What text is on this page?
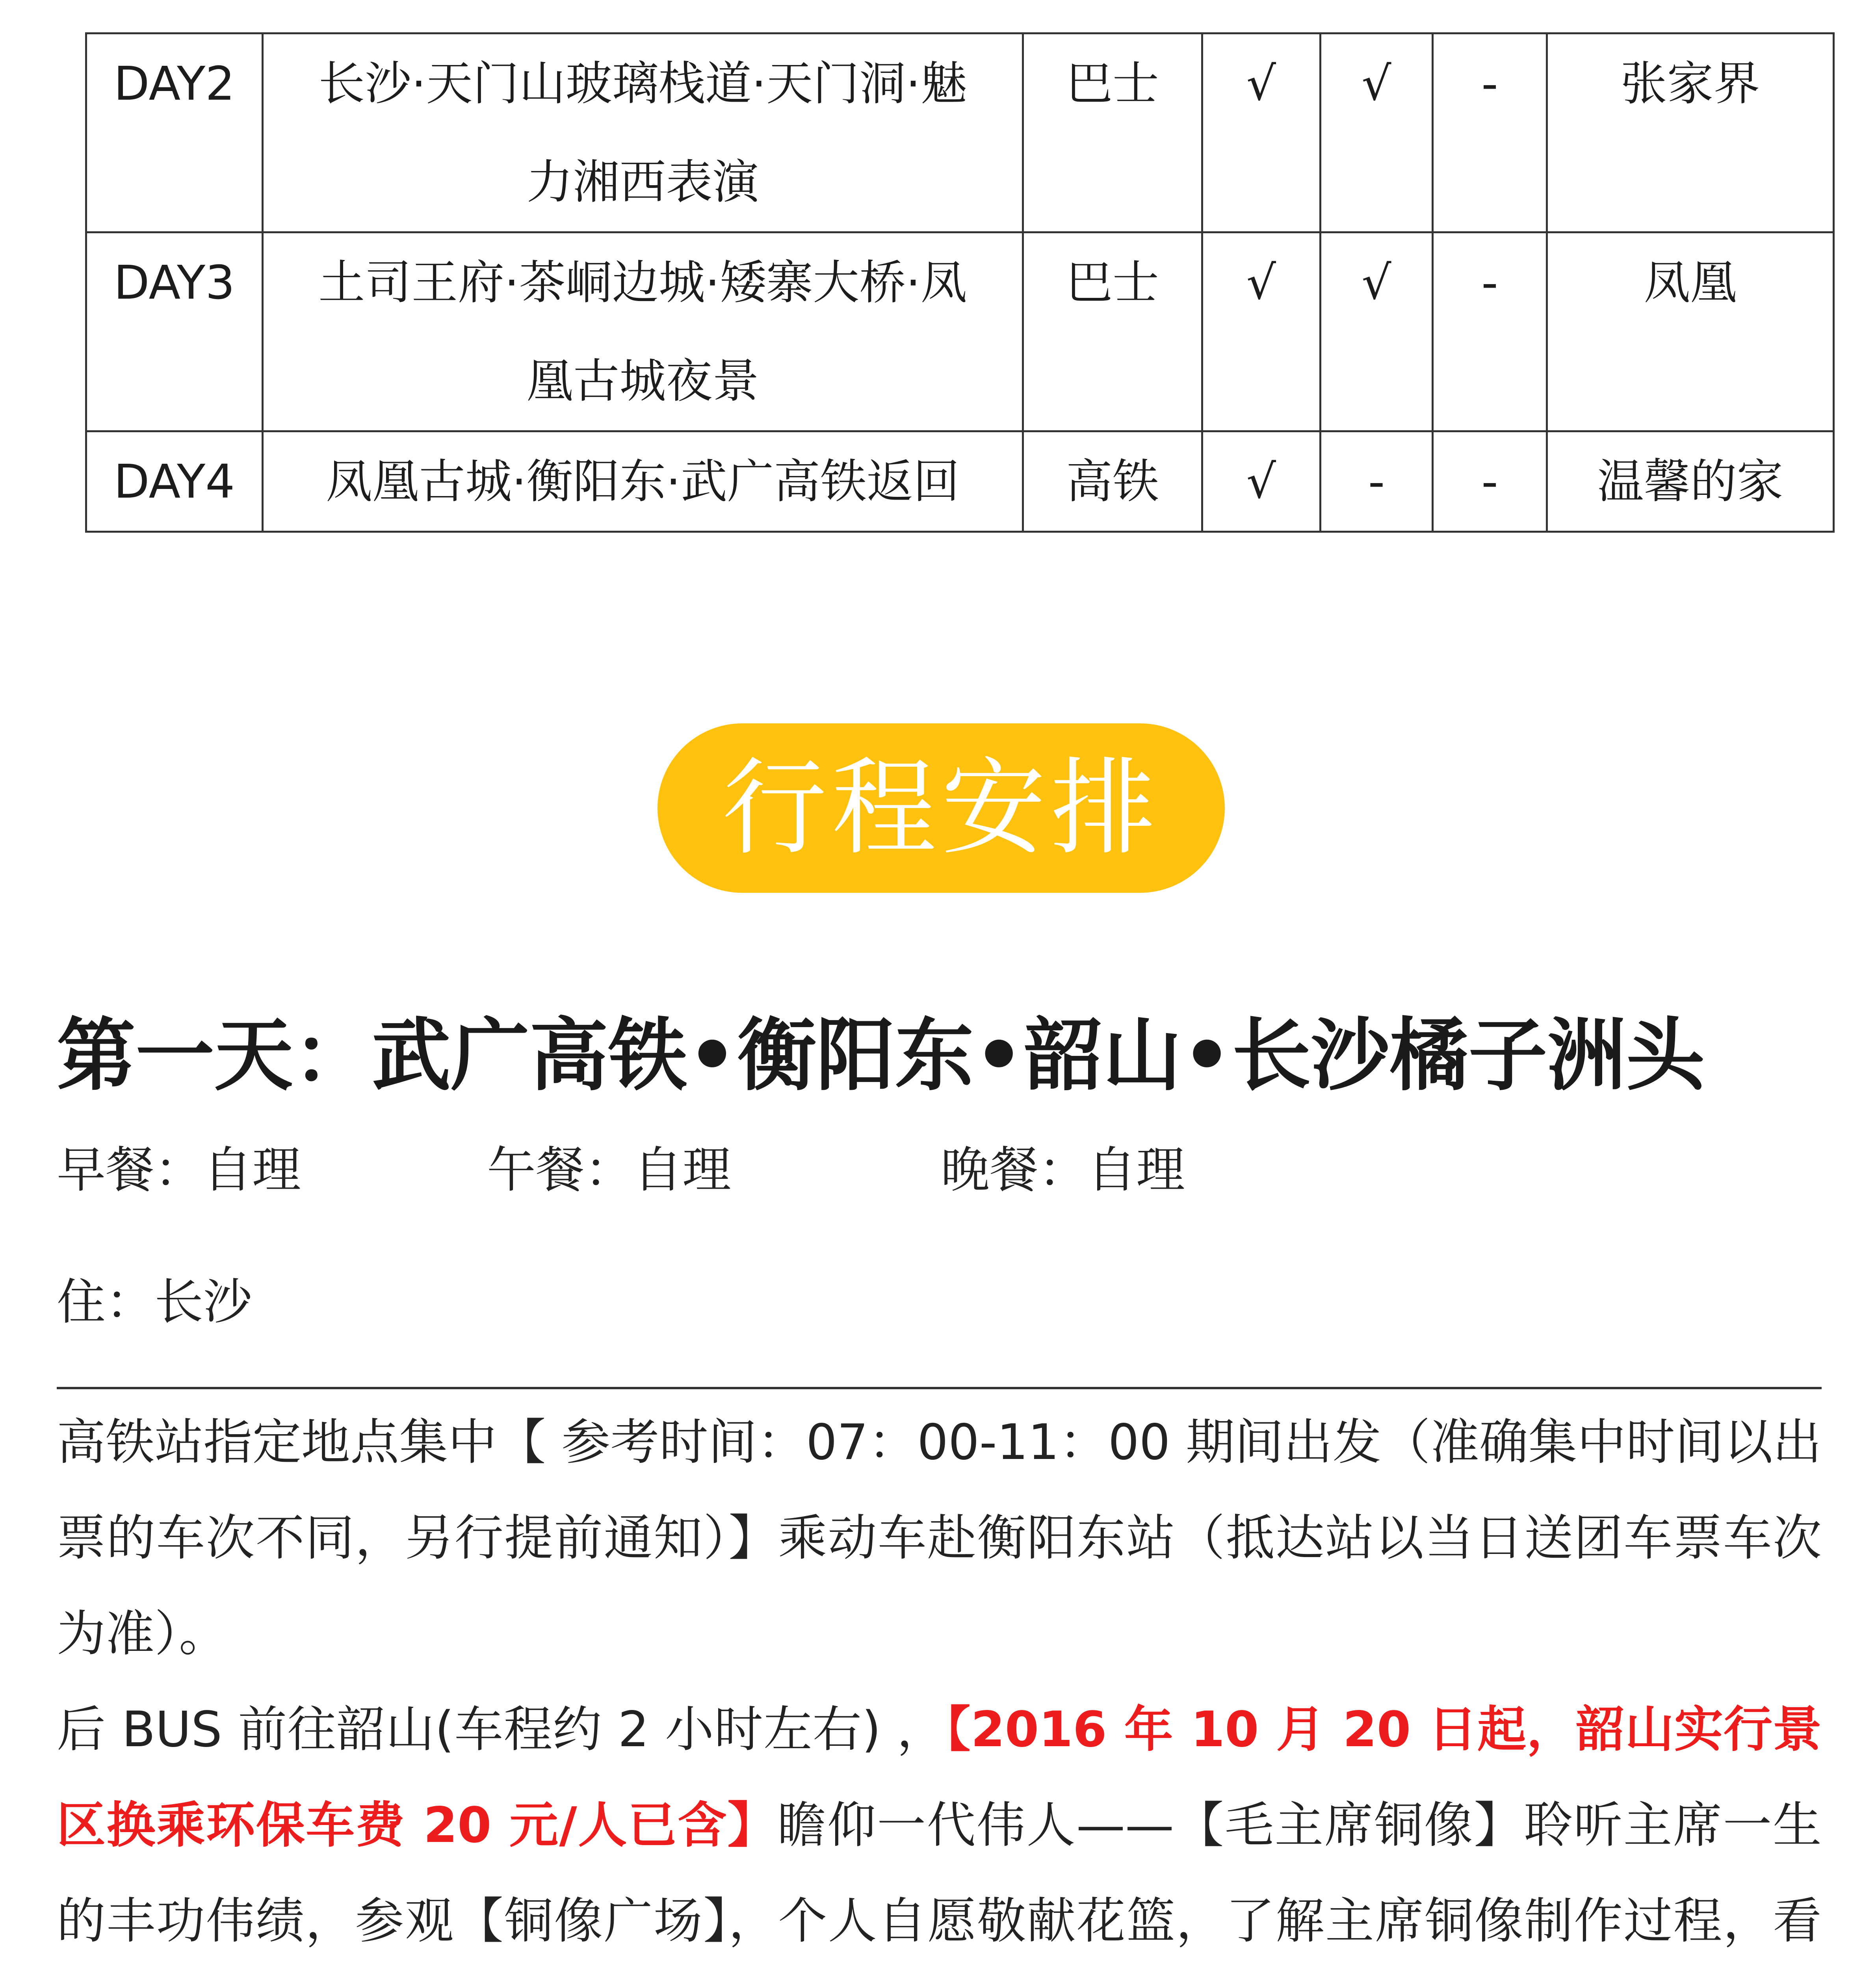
DAY2	长沙·天门山玻璃栈道·天门洞·魅
力湘西表演	巴士	√	√	-	张家界
DAY3	土司王府·茶峒边城·矮寨大桥·凤
凰古城夜景	巴士	√	√	-	凤凰
DAY4	凤凰古城·衡阳东·武广高铁返回	高铁	√	-	-	温馨的家
行程安排
第一天：武广高铁•衡阳东•韶山•长沙橘子洲头
早餐：自理	午餐：自理	晚餐：自理
住：长沙

高铁站指定地点集中【 参考时间：07：00-11：00 期间出发（准确集中时间以出票的车次不同，另行提前通知）】乘动车赴衡阳东站（抵达站以当日送团车票车次为准）。

后 BUS 前往韶山(车程约 2 小时左右) ，【2016 年 10 月 20 日起，韶山实行景区换乘环保车费 20 元/人已含】瞻仰一代伟人——【毛主席铜像】聆听主席一生的丰功伟绩，参观【铜像广场】，个人自愿敬献花篮，了解主席铜像制作过程，看
